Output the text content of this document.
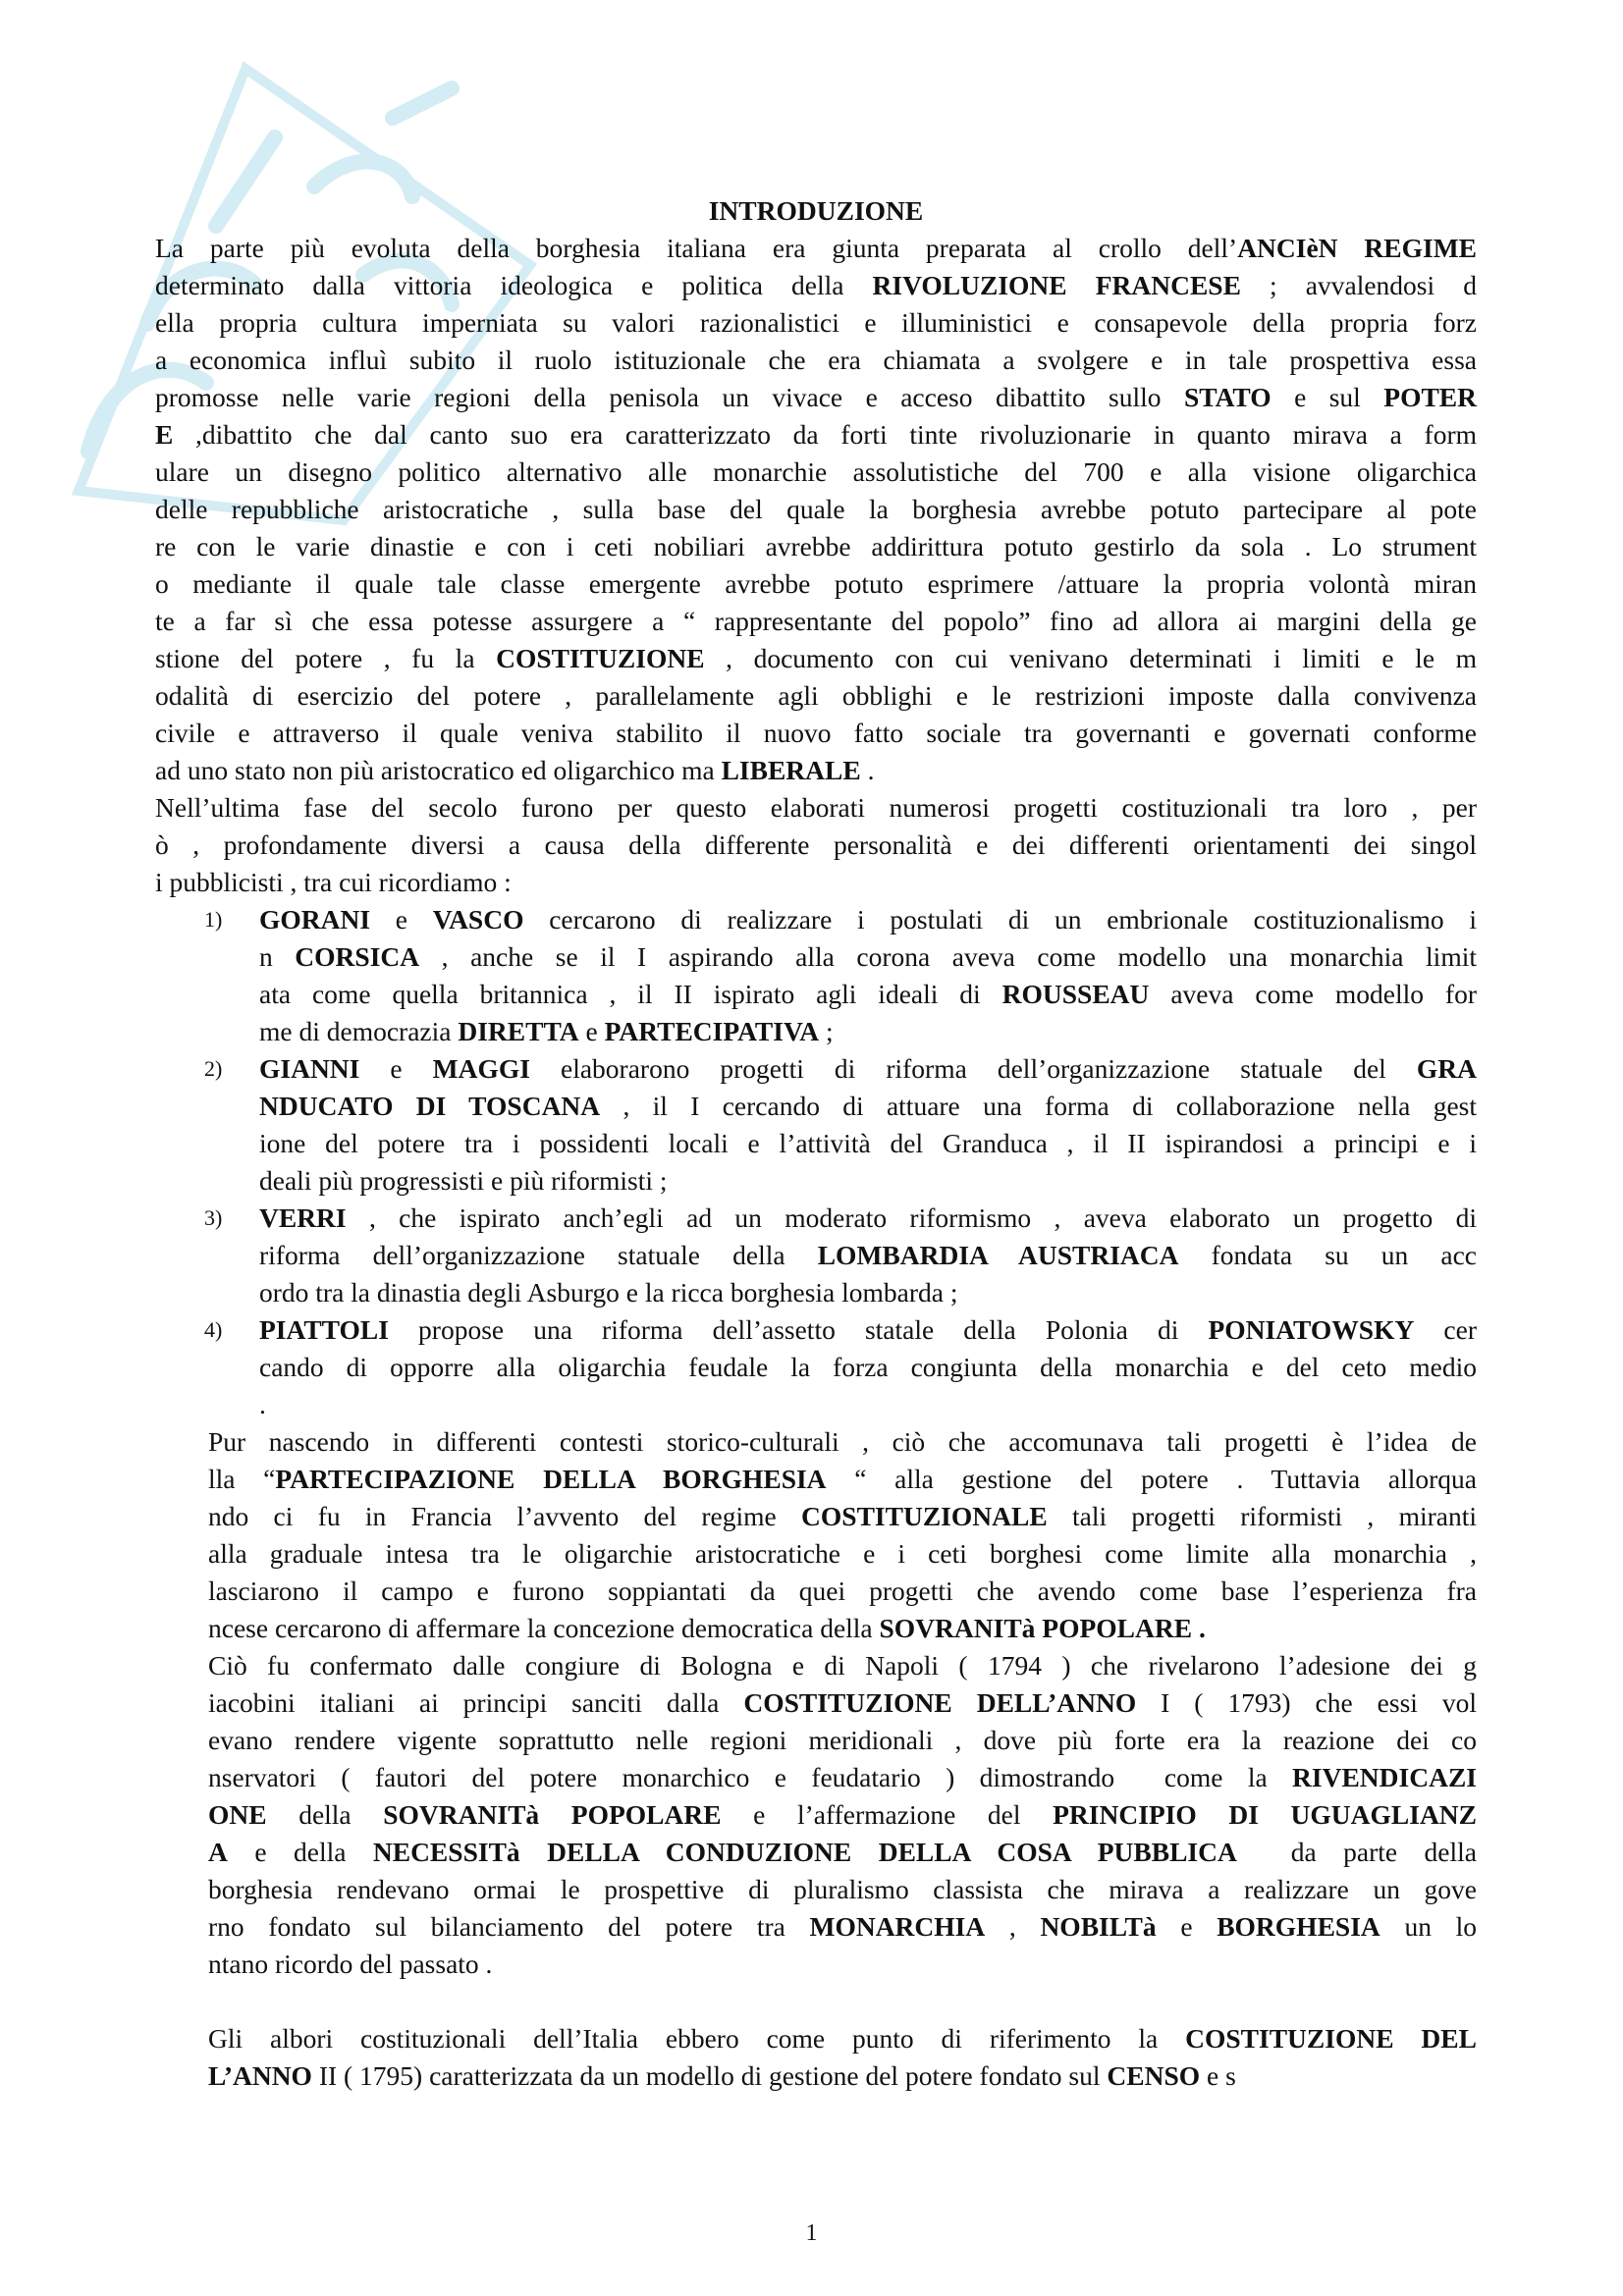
INTRODUZIONE
La parte più evoluta della borghesia italiana era giunta preparata al crollo dell’ANCIèN REGIME
determinato dalla vittoria ideologica e politica della RIVOLUZIONE FRANCESE ; avvalendosi d
ella propria cultura imperniata su valori razionalistici e illuministici e consapevole della propria forz
a economica influì subito il ruolo istituzionale che era chiamata a svolgere e in tale prospettiva essa
promosse nelle varie regioni della penisola un vivace e acceso dibattito sullo STATO e sul POTER
E ,dibattito che dal canto suo era caratterizzato da forti tinte rivoluzionarie in quanto mirava a form
ulare un disegno politico alternativo alle monarchie assolutistiche del 700 e alla visione oligarchica
delle repubbliche aristocratiche , sulla base del quale la borghesia avrebbe potuto partecipare al pote
re con le varie dinastie e con i ceti nobiliari avrebbe addirittura potuto gestirlo da sola . Lo strument
o mediante il quale tale classe emergente avrebbe potuto esprimere /attuare la propria volontà miran
te a far sì che essa potesse assurgere a “ rappresentante del popolo” fino ad allora ai margini della ge
stione del potere , fu la COSTITUZIONE , documento con cui venivano determinati i limiti e le m
odalità di esercizio del potere , parallelamente agli obblighi e le restrizioni imposte dalla convivenza
civile e attraverso il quale veniva stabilito il nuovo fatto sociale tra governanti e governati conforme
ad uno stato non più aristocratico ed oligarchico ma LIBERALE .
Nell’ultima fase del secolo furono per questo elaborati numerosi progetti costituzionali tra loro , per
ò , profondamente diversi a causa della differente personalità e dei differenti orientamenti dei singol
i pubblicisti , tra cui ricordiamo :
1) GORANI e VASCO cercarono di realizzare i postulati di un embrionale costituzionalismo i
n CORSICA , anche se il I aspirando alla corona aveva come modello una monarchia limit
ata come quella britannica , il II ispirato agli ideali di ROUSSEAU aveva come modello for
me di democrazia DIRETTA e PARTECIPATIVA ;
2) GIANNI e MAGGI elaborarono progetti di riforma dell’organizzazione statuale del GRA
NDUCATO DI TOSCANA , il I cercando di attuare una forma di collaborazione nella gest
ione del potere tra i possidenti locali e l’attività del Granduca , il II ispirandosi a principi e i
deali più progressisti e più riformisti ;
3) VERRI , che ispirato anch’egli ad un moderato riformismo , aveva elaborato un progetto di
riforma dell’organizzazione statuale della LOMBARDIA AUSTRIACA fondata su un acc
ordo tra la dinastia degli Asburgo e la ricca borghesia lombarda ;
4) PIATTOLI propose una riforma dell’assetto statale della Polonia di PONIATOWSKY cer
cando di opporre alla oligarchia feudale la forza congiunta della monarchia e del ceto medio
.
Pur nascendo in differenti contesti storico-culturali , ciò che accomunava tali progetti è l’idea de
lla “PARTECIPAZIONE DELLA BORGHESIA “ alla gestione del potere . Tuttavia allorqua
ndo ci fu in Francia l’avvento del regime COSTITUZIONALE tali progetti riformisti , miranti
alla graduale intesa tra le oligarchie aristocratiche e i ceti borghesi come limite alla monarchia ,
lasciarono il campo e furono soppiantati da quei progetti che avendo come base l’esperienza fra
ncese cercarono di affermare la concezione democratica della SOVRANITà POPOLARE .
Ciò fu confermato dalle congiure di Bologna e di Napoli ( 1794 ) che rivelarono l’adesione dei g
iacobini italiani ai principi sanciti dalla COSTITUZIONE DELL’ANNO I ( 1793) che essi vol
evano rendere vigente soprattutto nelle regioni meridionali , dove più forte era la reazione dei co
nservatori ( fautori del potere monarchico e feudatario ) dimostrando  come la RIVENDICAZI
ONE della SOVRANITà POPOLARE e l’affermazione del PRINCIPIO DI UGUAGLIANZ
A e della NECESSITà DELLA CONDUZIONE DELLA COSA PUBBLICA  da parte della
borghesia rendevano ormai le prospettive di pluralismo classista che mirava a realizzare un gove
rno fondato sul bilanciamento del potere tra MONARCHIA , NOBILTà e BORGHESIA un lo
ntano ricordo del passato .
Gli albori costituzionali dell’Italia ebbero come punto di riferimento la COSTITUZIONE DEL
L’ANNO II ( 1795) caratterizzata da un modello di gestione del potere fondato sul CENSO e s
1
